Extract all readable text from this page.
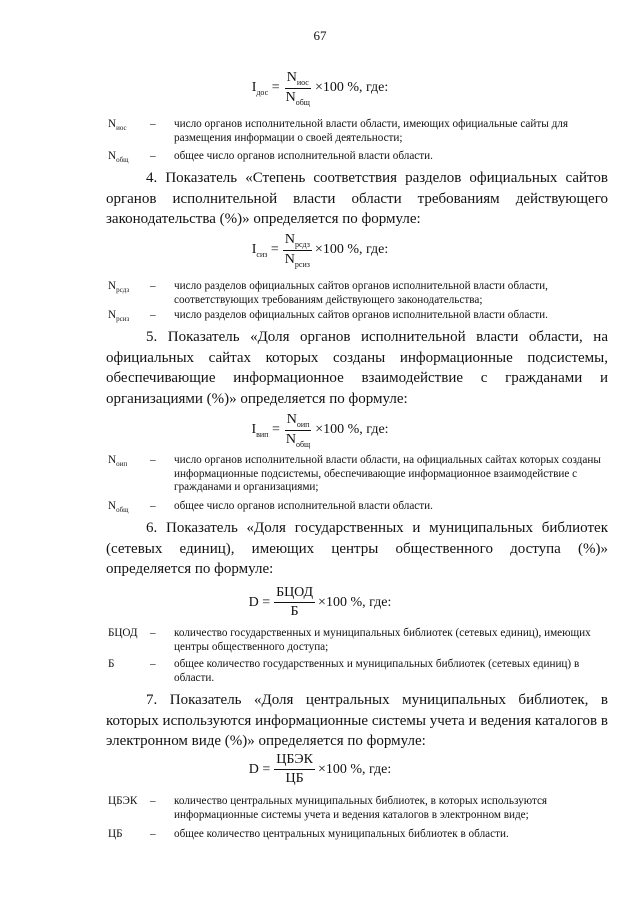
67
$I_{дос} = \frac{N_{иос}}{N_{общ}} \times 100$ %, где:
$N_{иос}$	– число органов исполнительной власти области, имеющих официальные сайты для размещения информации о своей деятельности;
$N_{общ}$	– общее число органов исполнительной власти области.

4. Показатель «Степень соответствия разделов официальных сайтов органов исполнительной власти области требованиям действующего законодательства (%)» определяется по формуле:

$I_{сиз} = \frac{N_{рсдз}}{N_{рсиз}} \times 100$ %, где:
$N_{рсдз}$	– число разделов официальных сайтов органов исполнительной власти области, соответствующих требованиям действующего законодательства;
$N_{рсиз}$	– число разделов официальных сайтов органов исполнительной власти области.

5. Показатель «Доля органов исполнительной власти области, на официальных сайтах которых созданы информационные подсистемы, обеспечивающие информационное взаимодействие с гражданами и организациями (%)» определяется по формуле:

$I_{вип} = \frac{N_{оип}}{N_{общ}} \times 100$ %, где:
$N_{оип}$	– число органов исполнительной власти области, на официальных сайтах которых созданы информационные подсистемы, обеспечивающие информационное взаимодействие с гражданами и организациями;
$N_{общ}$	– общее число органов исполнительной власти области.

6. Показатель «Доля государственных и муниципальных библиотек (сетевых единиц), имеющих центры общественного доступа (%)» определяется по формуле:

$D = \frac{\text{БЦОД}}{Б} \times 100$ %, где:
БЦОД	– количество государственных и муниципальных библиотек (сетевых единиц), имеющих центры общественного доступа;
Б	– общее количество государственных и муниципальных библиотек (сетевых единиц) в области.

7. Показатель «Доля центральных муниципальных библиотек, в которых используются информационные системы учета и ведения каталогов в электронном виде (%)» определяется по формуле:

$D = \frac{\text{ЦБЭК}}{ЦБ} \times 100$ %, где:
ЦБЭК	– количество центральных муниципальных библиотек, в которых используются информационные системы учета и ведения каталогов в электронном виде;
ЦБ	– общее количество центральных муниципальных библиотек в области.
